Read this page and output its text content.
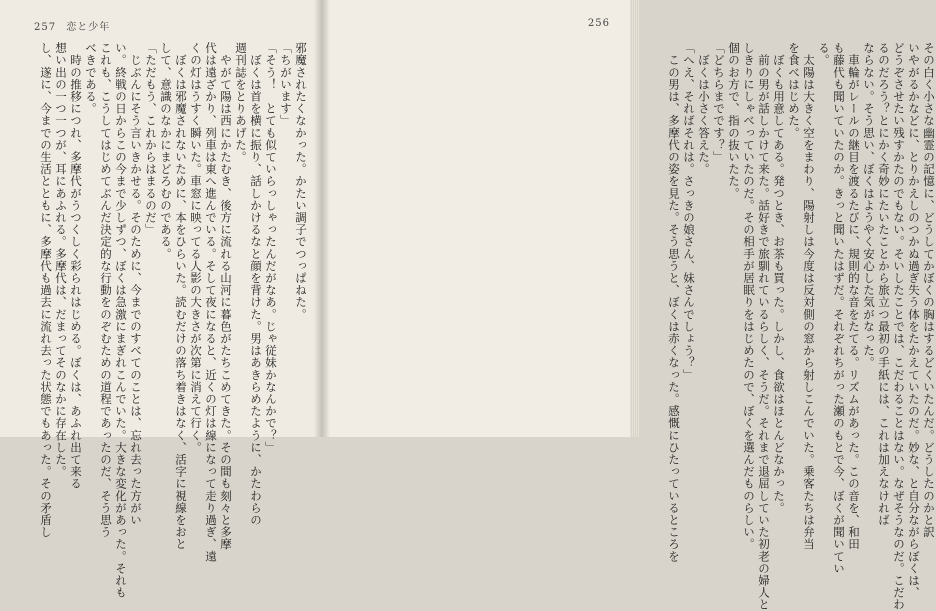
257 恋と少年

邪魔されたくなかった。かたい調子でつっぱねた。

「ちがいます」

「そう！　とても似ていらっしゃったんだがなあ。じゃ従妹かなんかで？」

　ぼくは首を横に振り、話しかけるなと顔を背けた。男はあきらめたように、かたわらの

週刊誌をとりあげた。

　やがて陽は西にかたむき、後方に流れる山河に暮色がたちこめてきた。その間も刻々と多摩

代は遠ざかり、列車は東へ進んでいる。そして夜になると、近くの灯は線になって走り過ぎ、遠

くの灯はうすく瞬いた。車窓に映ってる人影の大きさが次第に消えて行く。

　ぼくは邪魔されないために、本をひらいた。読むだけの落ち着きはなく、活字に視線をおと

して、意識のなかにまどろむのである。

「ただもう、これからはまるのだ」

　じぶんにそう言いきかせる。そのために、今までのすべてのことは、忘れ去った方がい

い。終戦の日からこの今まで少しずつ、ぼくは急激にまぎれこんでいた。大きな変化があった。それも

これも、こうしてはじめてぶんだ決定的な行動をのぞむための道程であったのだ、そう思う

べきである。

　時の推移につれ、多摩代がうつくしく彩られはじめる。ぼくは、あふれ出て来る

想い出の一つ一つが、耳にあふれる。多摩代は、だまってそのなかに存在した。

し、遂に、今までの生活とともに、多摩代も過去に流れ去った状態でもあった。その矛盾し

256

その白く小さな幽霊の記憶に、どうしてかぼくの胸はするどくいたんだ。どうしたのかと訳

いやがるかなどに、とりかえしのつかぬ過ぎ失う体をたかえていたのだ。妙な、と自分ながらぼくは、

どうぞさせたい残すかたのでもない。そいしたことでは、こだわることはない。なぜそうなのだ。こだわ

るのだろう？とにかく奇妙にたいたことから旅立つ最初の手紙には、これは加えなければ

ならない。そう思い、ぼくはようやく安心した気がなった。

　車輪がレールの継目を渡るたびに、規則的な音をたてる。リズムがあった。この音を、和田

も藤代も聞いていたのか。きっと聞いたはずだ。それぞれちがった瀬のもとで今、ぼくが聞いてい

る。

　太陽は大きく空をまわり、陽射しは今度は反対側の窓から射しこんでいた。乗客たちは弁当

を食べはじめた。

　ぼくも用意してある。発つとき、お茶も買った。しかし、食欲はほとんどなかった。

　前の男が話しかけて来た。話好きで旅馴れているらしく、そうだ。それまで退屈していた初老の婦人と

しきりにしゃべっていたのだ。その相手が居眠りをはじめたので、ぼくを選んだものらしい。

個のお方で、指の抜いたた。

「どちらまでです？」

　ぼくは小さく答えた。

「へえ、そればそれは。さっきの娘さん、妹さんでしょう？」

　この男は、多摩代の姿を見た。そう思うと、ぼくは赤くなった。感慨にひたっているところを
